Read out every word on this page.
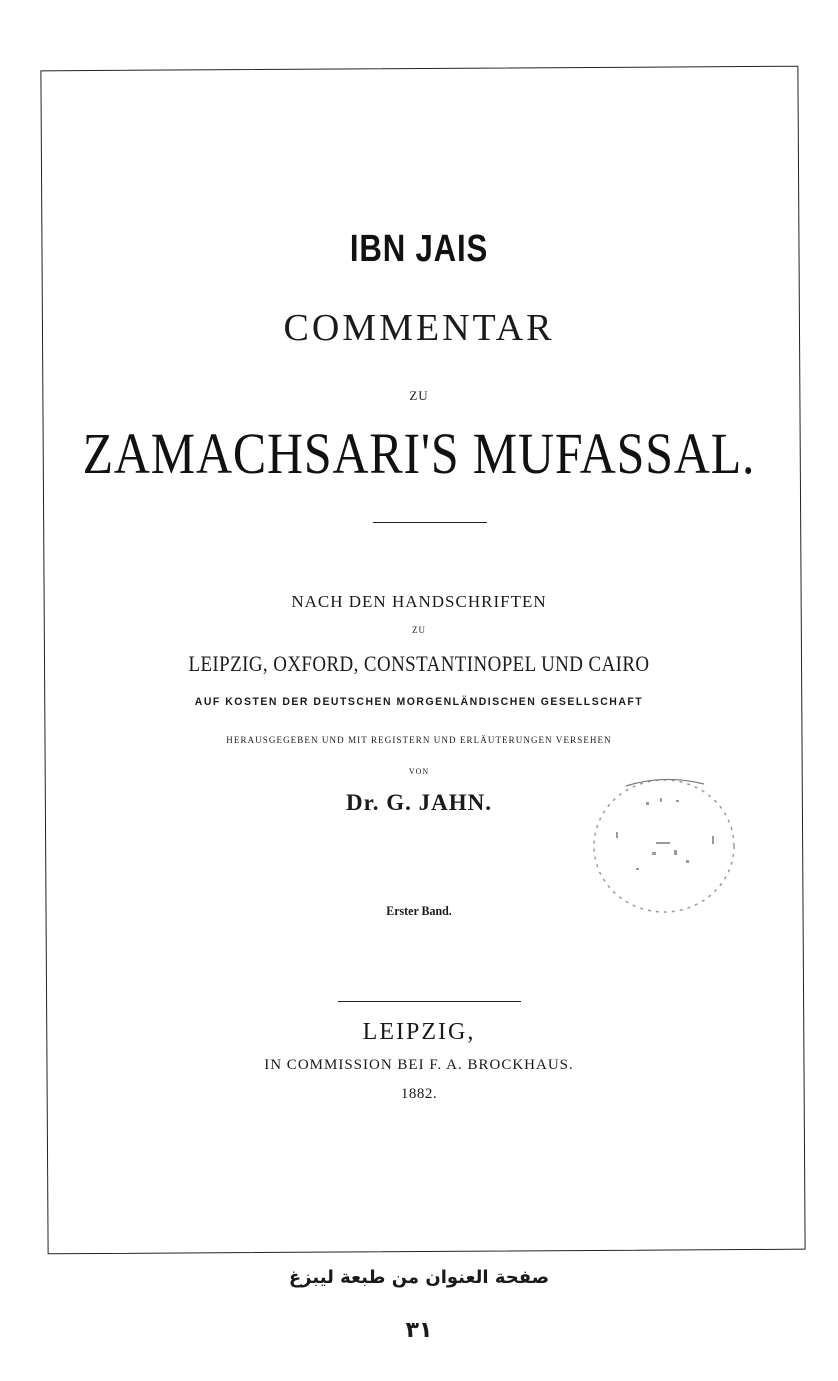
IBN JAIS
COMMENTAR
ZU
ZAMACHSARI'S MUFASSAL.
NACH DEN HANDSCHRIFTEN
ZU
LEIPZIG, OXFORD, CONSTANTINOPEL UND CAIRO
AUF KOSTEN DER DEUTSCHEN MORGENLÄNDISCHEN GESELLSCHAFT
HERAUSGEGEBEN UND MIT REGISTERN UND ERLÄUTERUNGEN VERSEHEN
VON
Dr. G. JAHN.
Erster Band.
LEIPZIG,
IN COMMISSION BEI F. A. BROCKHAUS.
1882.
صفحة العنوان من طبعة ليبزغ
٣١
